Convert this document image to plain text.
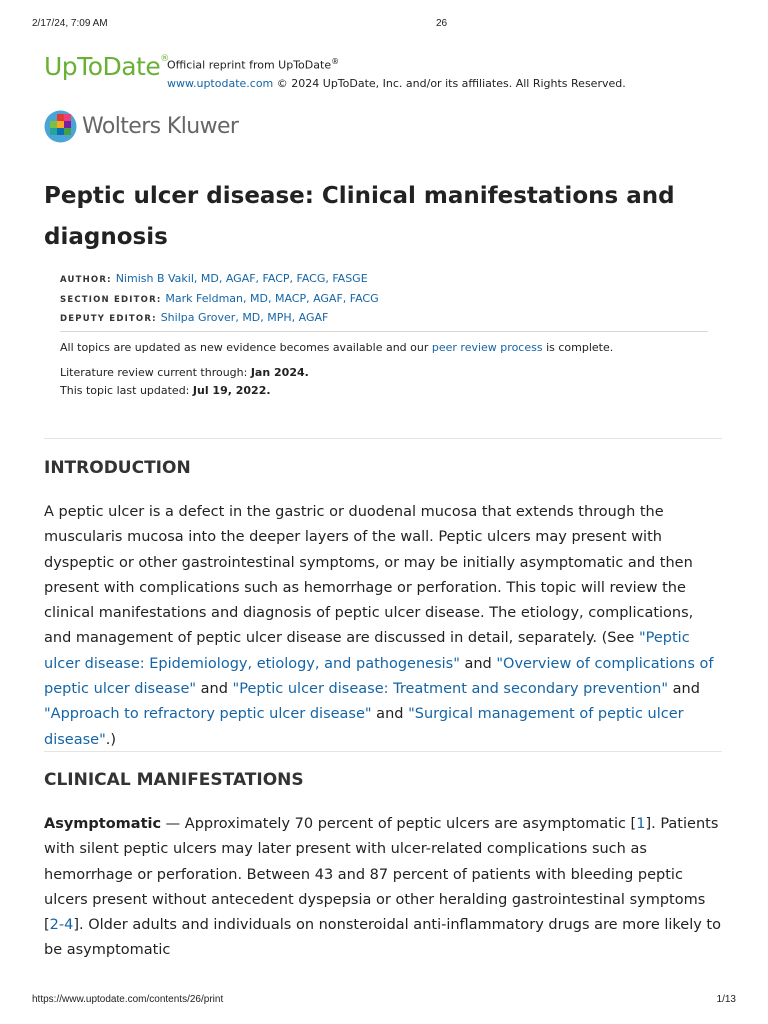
2/17/24, 7:09 AM	26
UpToDate®
Official reprint from UpToDate®
www.uptodate.com © 2024 UpToDate, Inc. and/or its affiliates. All Rights Reserved.
Wolters Kluwer
Peptic ulcer disease: Clinical manifestations and diagnosis
AUTHOR: Nimish B Vakil, MD, AGAF, FACP, FACG, FASGE
SECTION EDITOR: Mark Feldman, MD, MACP, AGAF, FACG
DEPUTY EDITOR: Shilpa Grover, MD, MPH, AGAF
All topics are updated as new evidence becomes available and our peer review process is complete.
Literature review current through: Jan 2024.
This topic last updated: Jul 19, 2022.
INTRODUCTION

A peptic ulcer is a defect in the gastric or duodenal mucosa that extends through the muscularis mucosa into the deeper layers of the wall. Peptic ulcers may present with dyspeptic or other gastrointestinal symptoms, or may be initially asymptomatic and then present with complications such as hemorrhage or perforation. This topic will review the clinical manifestations and diagnosis of peptic ulcer disease. The etiology, complications, and management of peptic ulcer disease are discussed in detail, separately. (See "Peptic ulcer disease: Epidemiology, etiology, and pathogenesis" and "Overview of complications of peptic ulcer disease" and "Peptic ulcer disease: Treatment and secondary prevention" and "Approach to refractory peptic ulcer disease" and "Surgical management of peptic ulcer disease".)

CLINICAL MANIFESTATIONS

Asymptomatic — Approximately 70 percent of peptic ulcers are asymptomatic [1]. Patients with silent peptic ulcers may later present with ulcer-related complications such as hemorrhage or perforation. Between 43 and 87 percent of patients with bleeding peptic ulcers present without antecedent dyspepsia or other heralding gastrointestinal symptoms [2-4]. Older adults and individuals on nonsteroidal anti-inflammatory drugs are more likely to be asymptomatic

https://www.uptodate.com/contents/26/print	1/13
